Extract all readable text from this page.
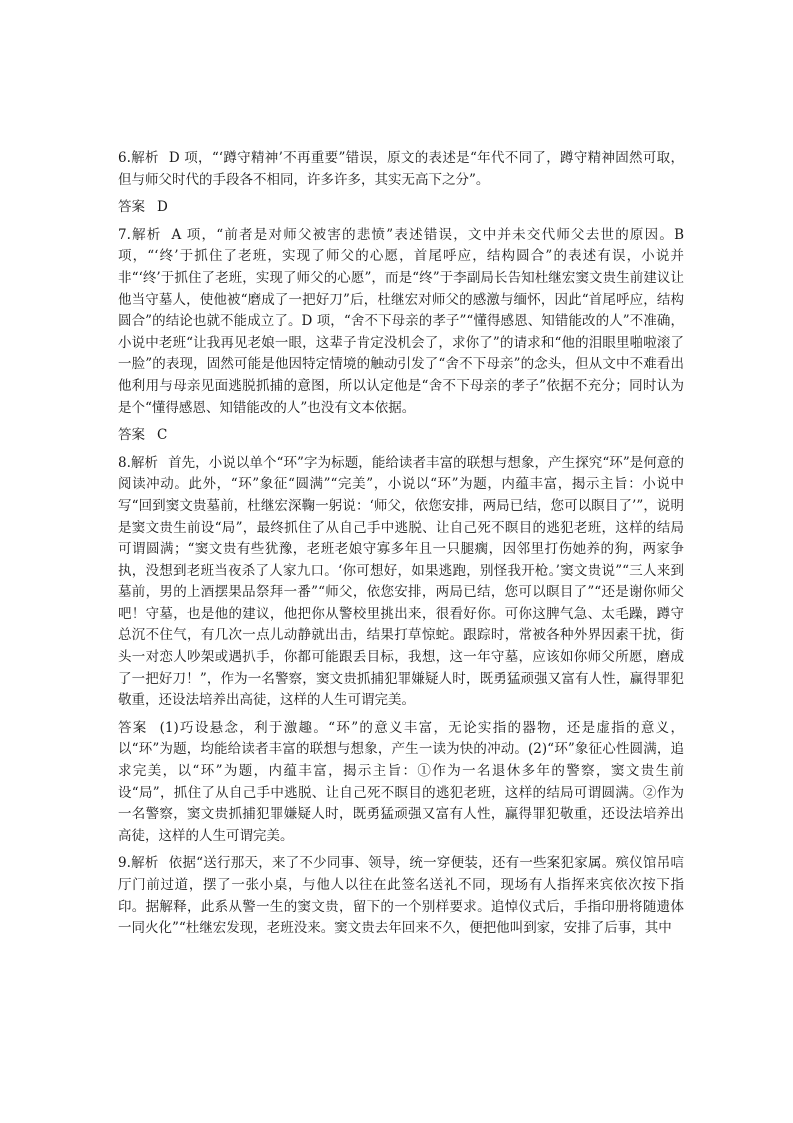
6.解析 D 项，“‘蹲守精神’不再重要”错误，原文的表述是“年代不同了，蹲守精神固然可取，但与师父时代的手段各不相同，许多许多，其实无高下之分”。

答案 D

7.解析 A 项，“前者是对师父被害的悲愤”表述错误，文中并未交代师父去世的原因。B 项，“‘终’于抓住了老班，实现了师父的心愿，首尾呼应，结构圆合”的表述有误，小说并非“‘终’于抓住了老班，实现了师父的心愿”，而是“终”于李副局长告知杜继宏窦文贵生前建议让他当守墓人，使他被“磨成了一把好刀”后，杜继宏对师父的感激与缅怀，因此“首尾呼应，结构圆合”的结论也就不能成立了。D 项，“舍不下母亲的孝子”“懂得感恩、知错能改的人”不准确，小说中老班“让我再见老娘一眼，这辈子肯定没机会了，求你了”的请求和“他的泪眼里啪啦滚了一脸”的表现，固然可能是他因特定情境的触动引发了“舍不下母亲”的念头，但从文中不难看出他利用与母亲见面逃脱抓捕的意图，所以认定他是“舍不下母亲的孝子”依据不充分；同时认为是个“懂得感恩、知错能改的人”也没有文本依据。

答案 C

8.解析 首先，小说以单个“环”字为标题，能给读者丰富的联想与想象，产生探究“环”是何意的阅读冲动。此外，“环”象征“圆满”“完美”，小说以“环”为题，内蕴丰富，揭示主旨：小说中写“回到窦文贵墓前，杜继宏深鞠一躬说：‘师父，依您安排，两局已结，您可以瞑目了’”，说明是窦文贵生前设“局”，最终抓住了从自己手中逃脱、让自己死不瞑目的逃犯老班，这样的结局可谓圆满；“窦文贵有些犹豫，老班老娘守寡多年且一只腿瘸，因邻里打伤她养的狗，两家争执，没想到老班当夜杀了人家九口。‘你可想好，如果逃跑，别怪我开枪。’窦文贵说”“三人来到墓前，男的上酒摆果品祭拜一番”“师父，依您安排，两局已结，您可以瞑目了”“还是谢你师父吧！守墓，也是他的建议，他把你从警校里挑出来，很看好你。可你这脾气急、太毛躁，蹲守总沉不住气，有几次一点儿动静就出击，结果打草惊蛇。跟踪时，常被各种外界因素干扰，街头一对恋人吵架或遇扒手，你都可能跟丢目标，我想，这一年守墓，应该如你师父所愿，磨成了一把好刀！”，作为一名警察，窦文贵抓捕犯罪嫌疑人时，既勇猛顽强又富有人性，赢得罪犯敬重，还设法培养出高徒，这样的人生可谓完美。

答案 (1)巧设悬念，利于激趣。“环”的意义丰富，无论实指的器物，还是虚指的意义，以“环”为题，均能给读者丰富的联想与想象，产生一读为快的冲动。(2)“环”象征心性圆满，追求完美，以“环”为题，内蕴丰富，揭示主旨：①作为一名退休多年的警察，窦文贵生前设“局”，抓住了从自己手中逃脱、让自己死不瞑目的逃犯老班，这样的结局可谓圆满。②作为一名警察，窦文贵抓捕犯罪嫌疑人时，既勇猛顽强又富有人性，赢得罪犯敬重，还设法培养出高徒，这样的人生可谓完美。

9.解析 依据“送行那天，来了不少同事、领导，统一穿便装，还有一些案犯家属。殡仪馆吊唁厅门前过道，摆了一张小桌，与他人以往在此签名送礼不同，现场有人指挥来宾依次按下指印。据解释，此系从警一生的窦文贵，留下的一个别样要求。追悼仪式后，手指印册将随遗体一同火化”“杜继宏发现，老班没来。窦文贵去年回来不久，便把他叫到家，安排了后事，其中
